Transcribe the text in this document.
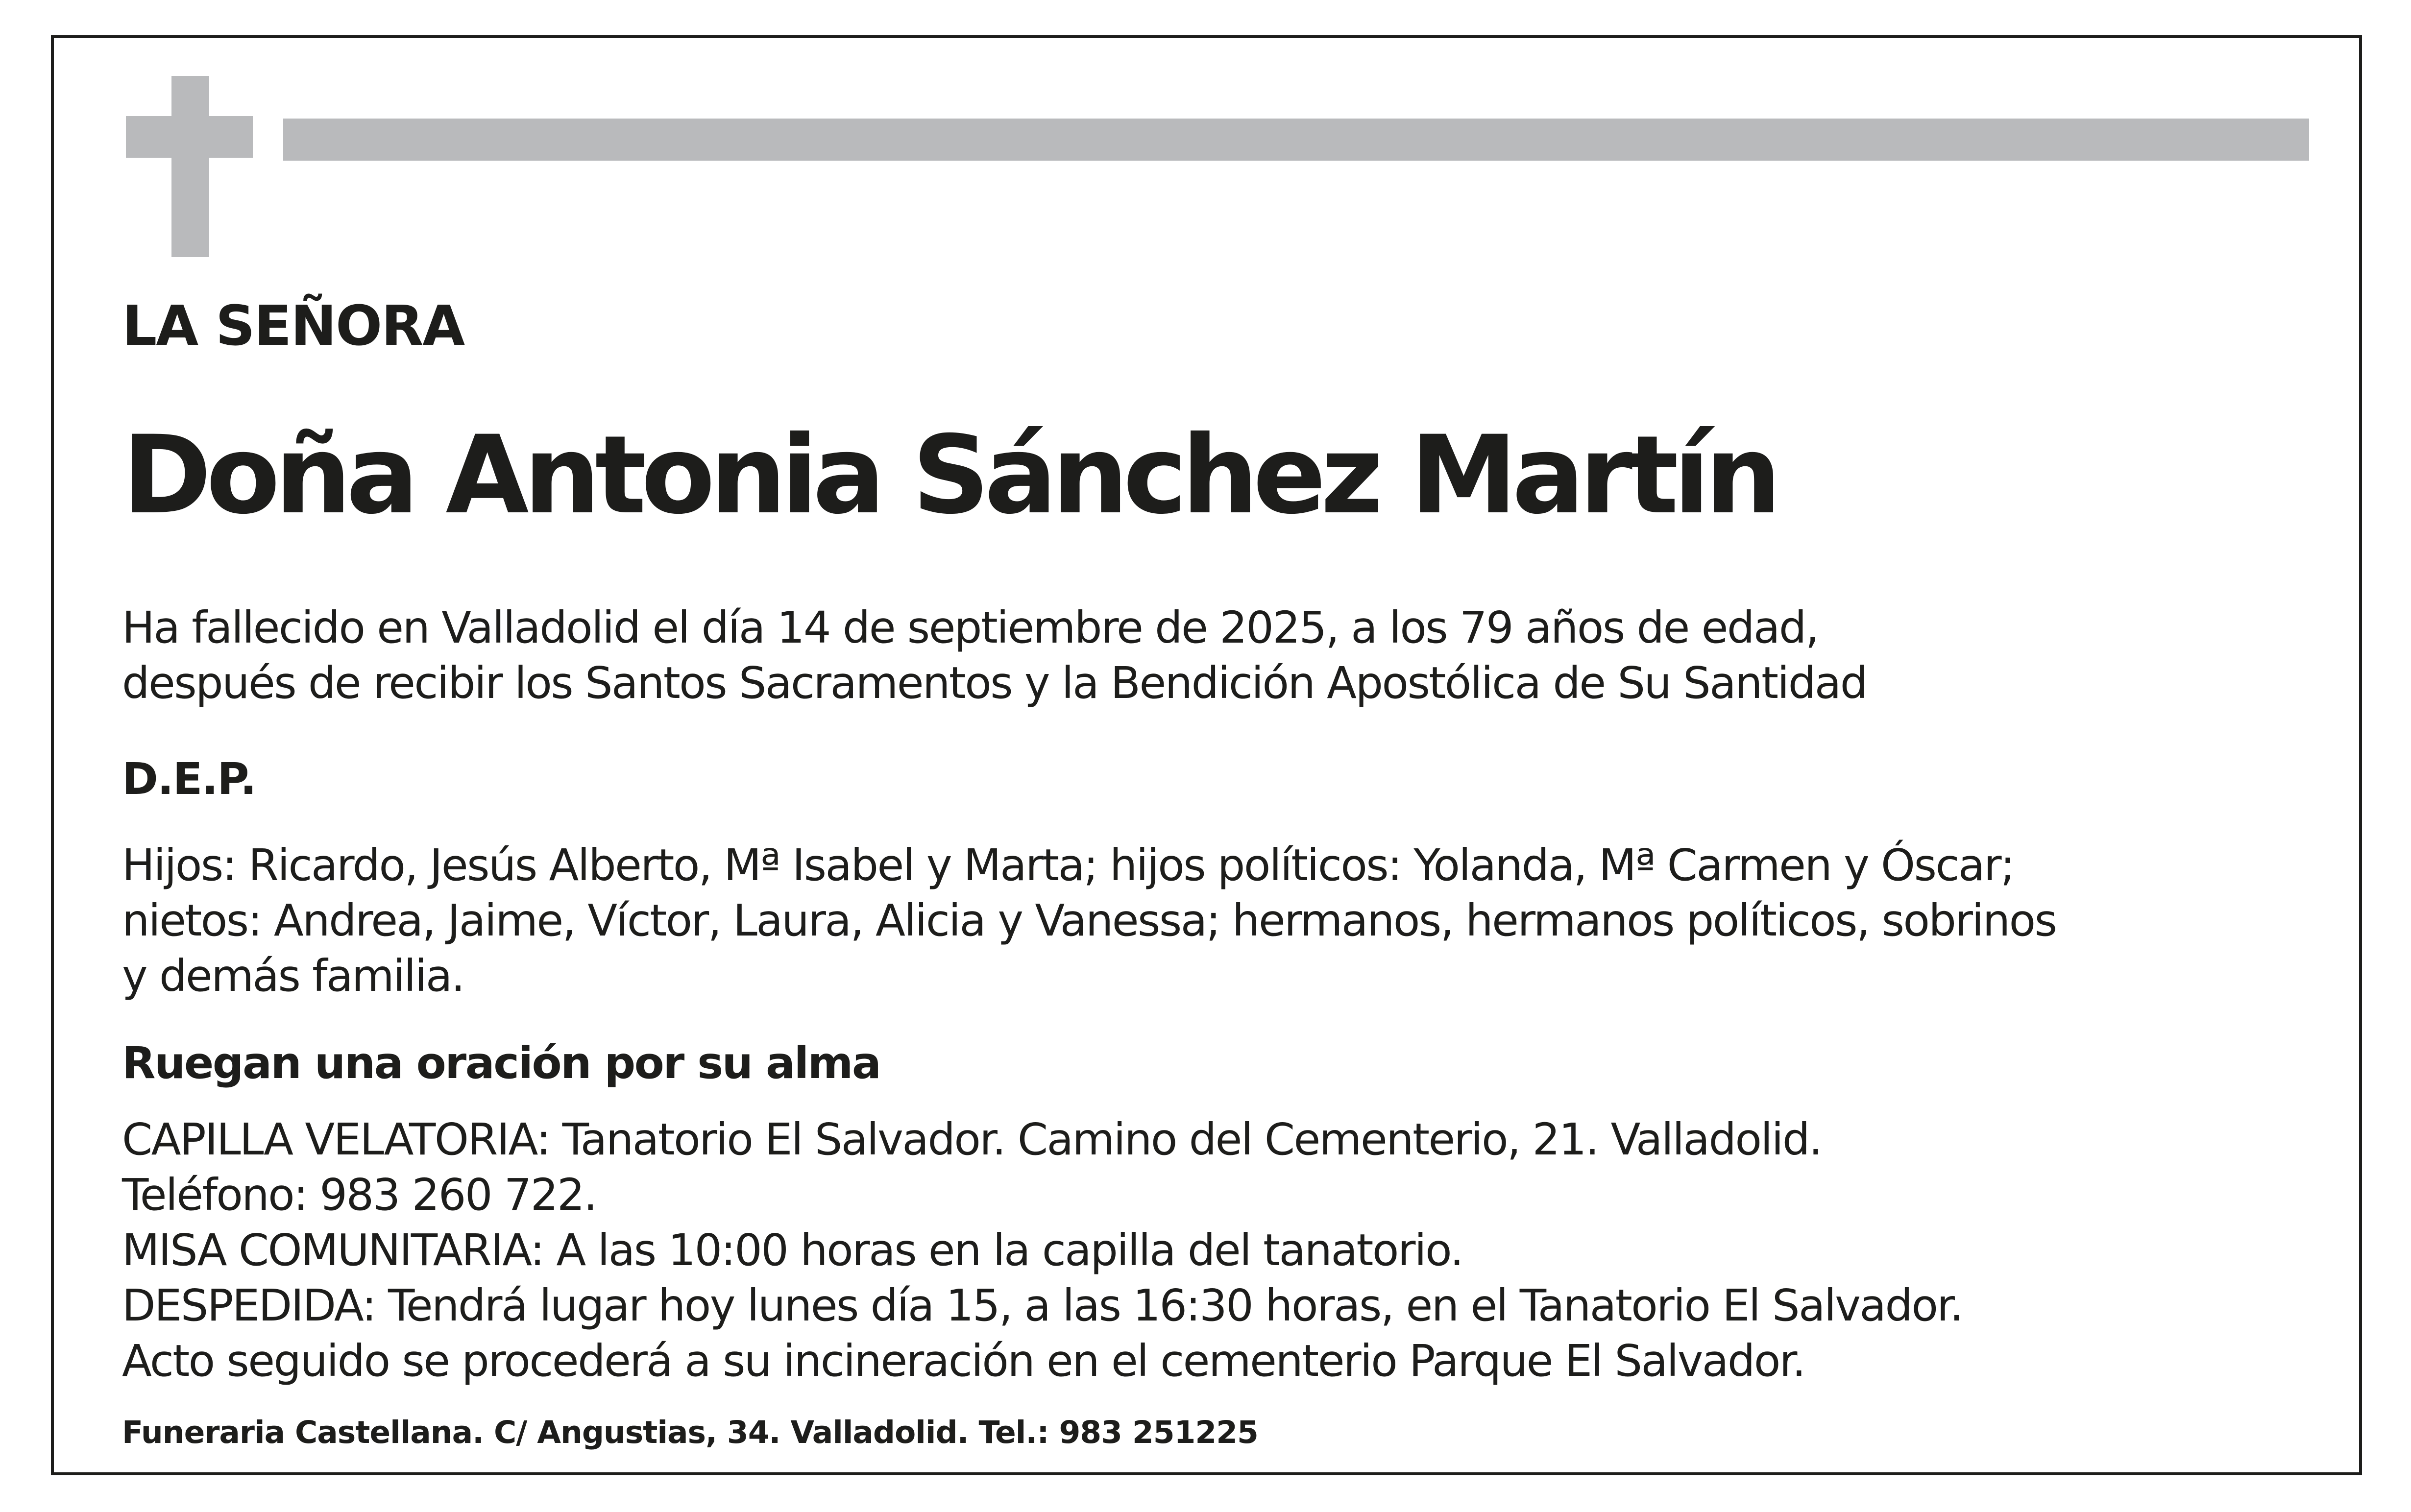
LA SEÑORA

Doña Antonia Sánchez Martín

Ha fallecido en Valladolid el día 14 de septiembre de 2025, a los 79 años de edad,
después de recibir los Santos Sacramentos y la Bendición Apostólica de Su Santidad

D.E.P.

Hijos: Ricardo, Jesús Alberto, Mª Isabel y Marta; hijos políticos: Yolanda, Mª Carmen y Óscar;
nietos: Andrea, Jaime, Víctor, Laura, Alicia y Vanessa; hermanos, hermanos políticos, sobrinos
y demás familia.

Ruegan una oración por su alma

CAPILLA VELATORIA: Tanatorio El Salvador. Camino del Cementerio, 21. Valladolid.
Teléfono: 983 260 722.
MISA COMUNITARIA: A las 10:00 horas en la capilla del tanatorio.
DESPEDIDA: Tendrá lugar hoy lunes día 15, a las 16:30 horas, en el Tanatorio El Salvador.
Acto seguido se procederá a su incineración en el cementerio Parque El Salvador.

Funeraria Castellana. C/ Angustias, 34. Valladolid. Tel.: 983 251225
